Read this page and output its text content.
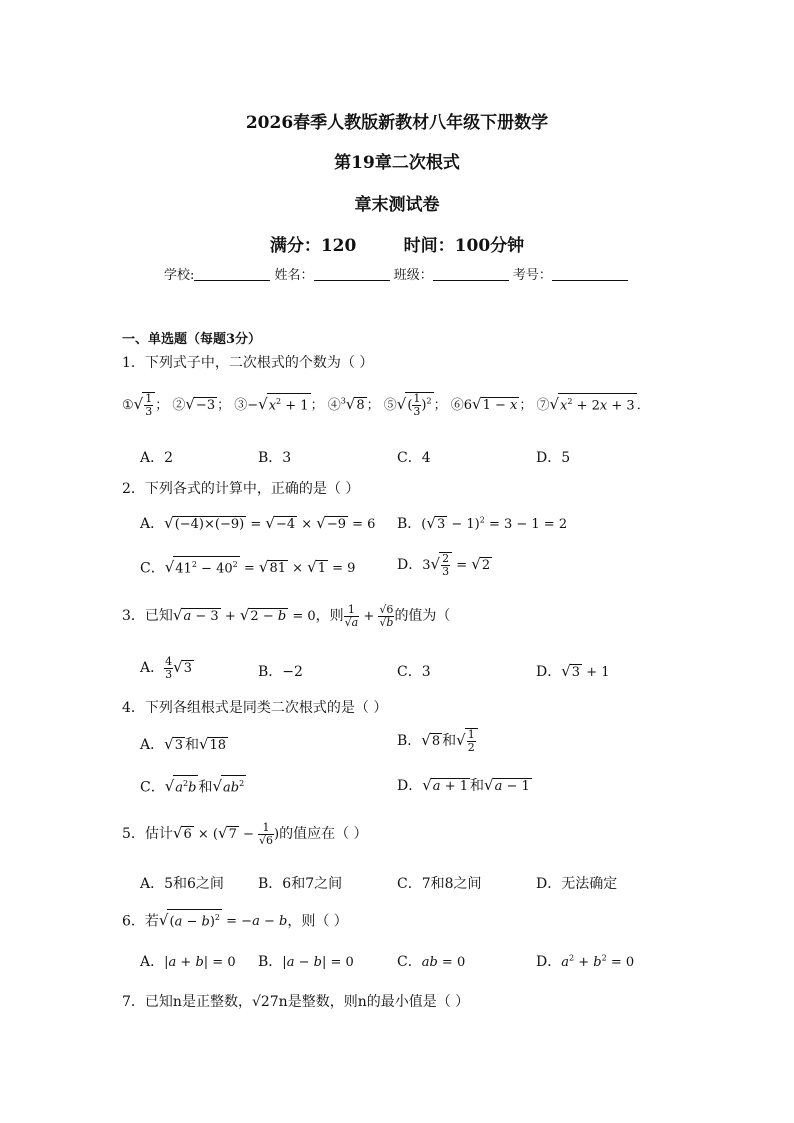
2026春季人教版新教材八年级下册数学
第19章二次根式
章末测试卷
满分：120        时间：100分钟
学校:	姓名：	班级：	考号：
一、单选题（每题3分）
1．下列式子中，二次根式的个数为（ ）
①√ $\frac{1}{3}$ ； ②√−3 ； $③-√x^2 + 1$ ； ④$^3$√8 ； ⑤√( $\frac{1}{3} )^2$ ； ⑥6√1 − x ； $⑦√x^2 + 2x + 3$ ．
A．2	B．3	C．4	D．5
2．下列各式的计算中，正确的是（ ）
A．√(−4)×(−9) = √−4 × √−9 = 6 B．$(√3 - 1)^2 = 3 - 1 = 2$
C．$√41^2 - 40^2 = √81 \times √1 = 9$	D．$3√ \frac{2}{3} = √2$
3．已知√a − 3 + √2 − b = 0，则 $\frac{1}{√a} + \frac{√6}{√b}$ 的值为（
A． $\frac{4}{3} √3$	B．−2	C．3	D．√3 + 1
4．下列各组根式是同类二次根式的是（ ）
A．√3 和√18	B．√8 和√ $\frac{1}{2}$
C．$√a^2b$ 和$√ab^2$	D．√a + 1 和√a − 1
5．估计$√6 \times (√7 - \frac{1}{√6}$ )的值应在（ ）
A．5和6之间 B．6和7之间	C．7和8之间	D．无法确定
6．若$√(a - b)^2 = -a - b$，则（ ）
A．|a + b| = 0 B．|a − b| = 0	C．ab = 0	D．$a^2 + b^2 = 0$
7．已知n是正整数，√27n是整数，则n的最小值是（ ）
